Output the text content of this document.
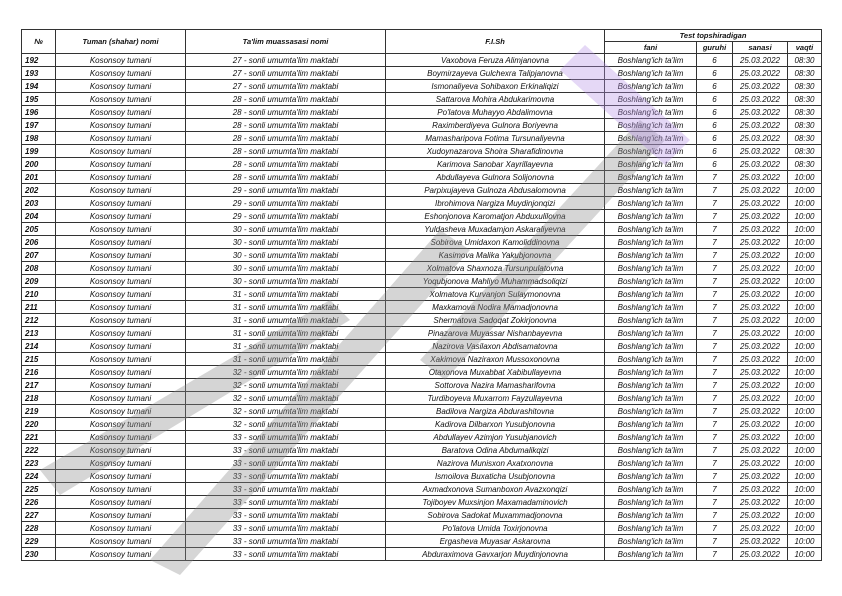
№	Tuman (shahar) nomi	Ta'lim muassasasi nomi	F.I.Sh	Test topshiradigan			
				fani	guruhi	sanasi	vaqti
192	Kosonsoy tumani	27 - sonli umumta'lim maktabi	Vaxobova Feruza Alimjanovna	Boshlang'ich ta'lim	6	25.03.2022	08:30
193	Kosonsoy tumani	27 - sonli umumta'lim maktabi	Boymirzayeva Gulchexra Talipjanovna	Boshlang'ich ta'lim	6	25.03.2022	08:30
194	Kosonsoy tumani	27 - sonli umumta'lim maktabi	Ismonaliyeva Sohibaxon Erkinaliqizi	Boshlang'ich ta'lim	6	25.03.2022	08:30
195	Kosonsoy tumani	28 - sonli umumta'lim maktabi	Sattarova Mohira Abdukarimovna	Boshlang'ich ta'lim	6	25.03.2022	08:30
196	Kosonsoy tumani	28 - sonli umumta'lim maktabi	Po'latova Muhayyo Abdalimovna	Boshlang'ich ta'lim	6	25.03.2022	08:30
197	Kosonsoy tumani	28 - sonli umumta'lim maktabi	Raximberdiyeva Gulnora Boriyevna	Boshlang'ich ta'lim	6	25.03.2022	08:30
198	Kosonsoy tumani	28 - sonli umumta'lim maktabi	Mamasharipova Fotima Tursunaliyevna	Boshlang'ich ta'lim	6	25.03.2022	08:30
199	Kosonsoy tumani	28 - sonli umumta'lim maktabi	Xudoynazarova Shoira Sharafidinovna	Boshlang'ich ta'lim	6	25.03.2022	08:30
200	Kosonsoy tumani	28 - sonli umumta'lim maktabi	Karimova Sanobar Xayrillayevna	Boshlang'ich ta'lim	6	25.03.2022	08:30
201	Kosonsoy tumani	28 - sonli umumta'lim maktabi	Abdullayeva Gulnora Solijonovna	Boshlang'ich ta'lim	7	25.03.2022	10:00
202	Kosonsoy tumani	29 - sonli umumta'lim maktabi	Parpixujayeva Gulnoza Abdusalomovna	Boshlang'ich ta'lim	7	25.03.2022	10:00
203	Kosonsoy tumani	29 - sonli umumta'lim maktabi	Ibrohimova Nargiza Muydinjonqizi	Boshlang'ich ta'lim	7	25.03.2022	10:00
204	Kosonsoy tumani	29 - sonli umumta'lim maktabi	Eshonjonova Karomatjon Abduxulilovna	Boshlang'ich ta'lim	7	25.03.2022	10:00
205	Kosonsoy tumani	30 - sonli umumta'lim maktabi	Yuldasheva Muxadamjon Askaraliyevna	Boshlang'ich ta'lim	7	25.03.2022	10:00
206	Kosonsoy tumani	30 - sonli umumta'lim maktabi	Sobirova Umidaxon Kamoliddinovna	Boshlang'ich ta'lim	7	25.03.2022	10:00
207	Kosonsoy tumani	30 - sonli umumta'lim maktabi	Kasimova Malika Yakubjonovna	Boshlang'ich ta'lim	7	25.03.2022	10:00
208	Kosonsoy tumani	30 - sonli umumta'lim maktabi	Xolmatova Shaxnoza Tursunpulatovna	Boshlang'ich ta'lim	7	25.03.2022	10:00
209	Kosonsoy tumani	30 - sonli umumta'lim maktabi	Yoqubjonova Mahliyo Muhammadsoliqizi	Boshlang'ich ta'lim	7	25.03.2022	10:00
210	Kosonsoy tumani	31 - sonli umumta'lim maktabi	Xolmatova Kurvanjon Sulaymonovna	Boshlang'ich ta'lim	7	25.03.2022	10:00
211	Kosonsoy tumani	31 - sonli umumta'lim maktabi	Maxkamova Nodira Mamadjonovna	Boshlang'ich ta'lim	7	25.03.2022	10:00
212	Kosonsoy tumani	31 - sonli umumta'lim maktabi	Shermatova Sadoqat Zokirjonovna	Boshlang'ich ta'lim	7	25.03.2022	10:00
213	Kosonsoy tumani	31 - sonli umumta'lim maktabi	Pinazarova Muyassar Nishanbayevna	Boshlang'ich ta'lim	7	25.03.2022	10:00
214	Kosonsoy tumani	31 - sonli umumta'lim maktabi	Nazirova Vasilaxon Abdisamatovna	Boshlang'ich ta'lim	7	25.03.2022	10:00
215	Kosonsoy tumani	31 - sonli umumta'lim maktabi	Xakimova Naziraxon Mussoxonovna	Boshlang'ich ta'lim	7	25.03.2022	10:00
216	Kosonsoy tumani	32 - sonli umumta'lim maktabi	Otaxonova Muxabbat Xabibullayevna	Boshlang'ich ta'lim	7	25.03.2022	10:00
217	Kosonsoy tumani	32 - sonli umumta'lim maktabi	Sottorova Nazira Mamasharifovna	Boshlang'ich ta'lim	7	25.03.2022	10:00
218	Kosonsoy tumani	32 - sonli umumta'lim maktabi	Turdiboyeva Muxarrom Fayzullayevna	Boshlang'ich ta'lim	7	25.03.2022	10:00
219	Kosonsoy tumani	32 - sonli umumta'lim maktabi	Badilova Nargiza Abdurashitovna	Boshlang'ich ta'lim	7	25.03.2022	10:00
220	Kosonsoy tumani	32 - sonli umumta'lim maktabi	Kadirova Dilbarxon Yusubjonovna	Boshlang'ich ta'lim	7	25.03.2022	10:00
221	Kosonsoy tumani	33 - sonli umumta'lim maktabi	Abdullayev Azimjon Yusubjanovich	Boshlang'ich ta'lim	7	25.03.2022	10:00
222	Kosonsoy tumani	33 - sonli umumta'lim maktabi	Baratova Odina Abdumalikqizi	Boshlang'ich ta'lim	7	25.03.2022	10:00
223	Kosonsoy tumani	33 - sonli umumta'lim maktabi	Nazirova Munisxon Axatxonovna	Boshlang'ich ta'lim	7	25.03.2022	10:00
224	Kosonsoy tumani	33 - sonli umumta'lim maktabi	Ismoilova Buxaticha Usubjonovna	Boshlang'ich ta'lim	7	25.03.2022	10:00
225	Kosonsoy tumani	33 - sonli umumta'lim maktabi	Axmadxonova Sumanboxon Avazxonqizi	Boshlang'ich ta'lim	7	25.03.2022	10:00
226	Kosonsoy tumani	33 - sonli umumta'lim maktabi	Tojiboyev Muxsinjon Maxamadaminovich	Boshlang'ich ta'lim	7	25.03.2022	10:00
227	Kosonsoy tumani	33 - sonli umumta'lim maktabi	Sobirova Sadokat Muxammadjonovna	Boshlang'ich ta'lim	7	25.03.2022	10:00
228	Kosonsoy tumani	33 - sonli umumta'lim maktabi	Po'latova Umida Toxirjonovna	Boshlang'ich ta'lim	7	25.03.2022	10:00
229	Kosonsoy tumani	33 - sonli umumta'lim maktabi	Ergasheva Muyasar Askarovna	Boshlang'ich ta'lim	7	25.03.2022	10:00
230	Kosonsoy tumani	33 - sonli umumta'lim maktabi	Abduraximova Gavxarjon Muydinjonovna	Boshlang'ich ta'lim	7	25.03.2022	10:00
